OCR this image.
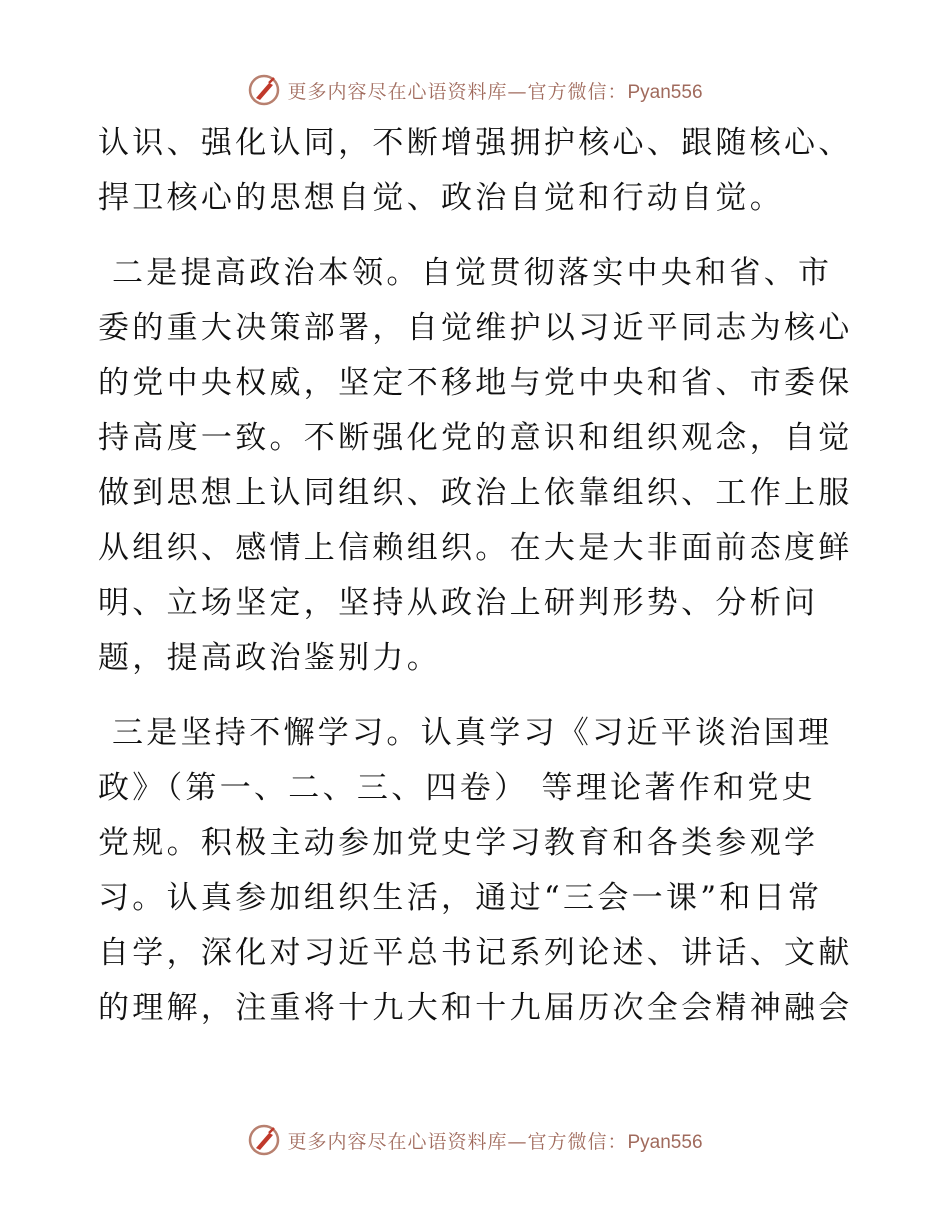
更多内容尽在心语资料库—官方微信：Pyan556
认识、强化认同，不断增强拥护核心、跟随核心、
捍卫核心的思想自觉、政治自觉和行动自觉。
二是提高政治本领。自觉贯彻落实中央和省、市
委的重大决策部署，自觉维护以习近平同志为核心
的党中央权威，坚定不移地与党中央和省、市委保
持高度一致。不断强化党的意识和组织观念，自觉
做到思想上认同组织、政治上依靠组织、工作上服
从组织、感情上信赖组织。在大是大非面前态度鲜
明、立场坚定，坚持从政治上研判形势、分析问
题，提高政治鉴别力。
三是坚持不懈学习。认真学习《习近平谈治国理
政》（第一、二、三、四卷） 等理论著作和党史
党规。积极主动参加党史学习教育和各类参观学
习。认真参加组织生活，通过“三会一课”和日常
自学，深化对习近平总书记系列论述、讲话、文献
的理解，注重将十九大和十九届历次全会精神融会
更多内容尽在心语资料库—官方微信：Pyan556
